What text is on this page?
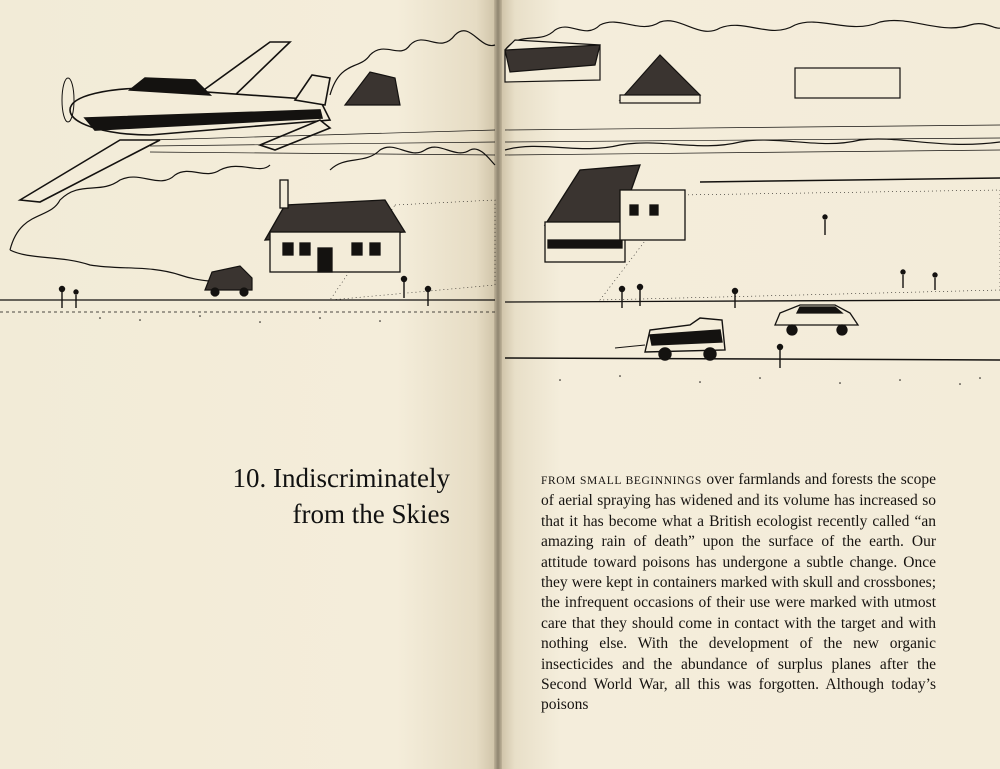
10. Indiscriminately
from the Skies

FROM SMALL BEGINNINGS over farmlands and forests the scope of aerial spraying has widened and its volume has increased so that it has become what a British ecologist recently called “an amazing rain of death” upon the surface of the earth. Our attitude toward poisons has undergone a subtle change. Once they were kept in containers marked with skull and crossbones; the infrequent occasions of their use were marked with utmost care that they should come in contact with the target and with nothing else. With the development of the new organic insecticides and the abundance of surplus planes after the Second World War, all this was forgotten. Although today’s poisons
